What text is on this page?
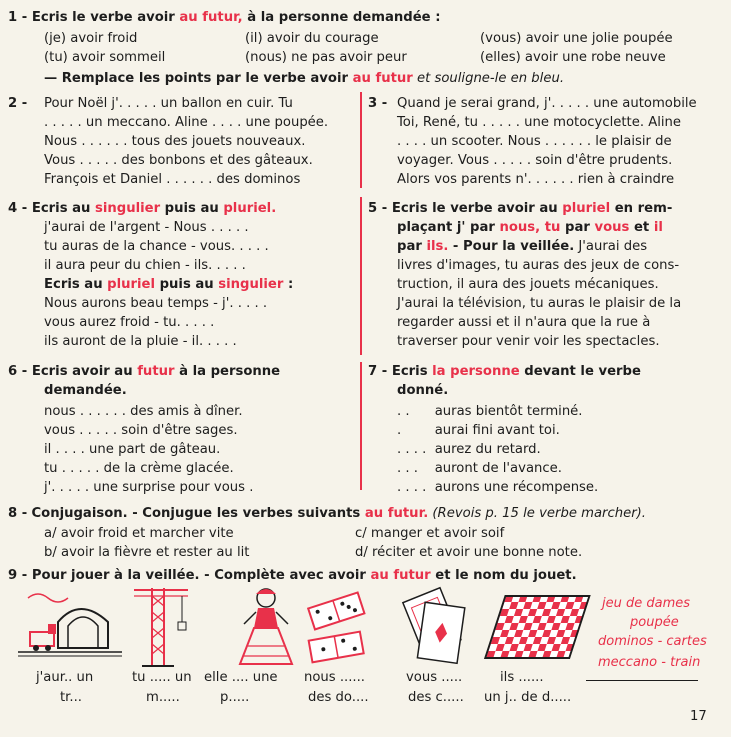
1 - Ecris le verbe avoir au futur, à la personne demandée :
(je) avoir froid	(il) avoir du courage	(vous) avoir une jolie poupée
(tu) avoir sommeil	(nous) ne pas avoir peur	(elles) avoir une robe neuve
— Remplace les points par le verbe avoir au futur et souligne-le en bleu.
2 - Pour Noël j'. . . . . un ballon en cuir. Tu
. . . . . un meccano. Aline . . . . une poupée.
Nous . . . . . . tous des jouets nouveaux.
Vous . . . . . des bonbons et des gâteaux.
François et Daniel . . . . . . des dominos
3 - Quand je serai grand, j'. . . . . une automobile
Toi, René, tu . . . . . une motocyclette. Aline
. . . . un scooter. Nous . . . . . . le plaisir de
voyager. Vous . . . . . soin d'être prudents.
Alors vos parents n'. . . . . . rien à craindre
4 - Ecris au singulier puis au pluriel.
j'aurai de l'argent - Nous . . . . .
tu auras de la chance - vous. . . . .
il aura peur du chien - ils. . . . .
Ecris au pluriel puis au singulier :
Nous aurons beau temps - j'. . . . .
vous aurez froid - tu. . . . .
ils auront de la pluie - il. . . . .
5 - Ecris le verbe avoir au pluriel en rem-
plaçant j' par nous, tu par vous et il
par ils. - Pour la veillée. J'aurai des
livres d'images, tu auras des jeux de cons-
truction, il aura des jouets mécaniques.
J'aurai la télévision, tu auras le plaisir de la
regarder aussi et il n'aura que la rue à
traverser pour venir voir les spectacles.
6 - Ecris avoir au futur à la personne
demandée.
nous . . . . . . des amis à dîner.
vous . . . . . soin d'être sages.
il . . . . une part de gâteau.
tu . . . . . de la crème glacée.
j'. . . . . une surprise pour vous .
7 - Ecris la personne devant le verbe
donné.
. .      auras bientôt terminé.
.        aurai fini avant toi.
. . . .  aurez du retard.
. . .    auront de l'avance.
. . . .  aurons une récompense.
8 - Conjugaison. - Conjugue les verbes suivants au futur. (Revois p. 15 le verbe marcher).
a/ avoir froid et marcher vite	c/ manger et avoir soif
b/ avoir la fièvre et rester au lit	d/ réciter et avoir une bonne note.
9 - Pour jouer à la veillée. - Complète avec avoir au futur et le nom du jouet.
jeu de dames
poupée
dominos - cartes
meccano - train
j'aur.. un	tu ..... un elle .... une nous ......	vous .....	ils ......
tr...	m.....	p.....	des do....	des c..... un j.. de d.....
17
